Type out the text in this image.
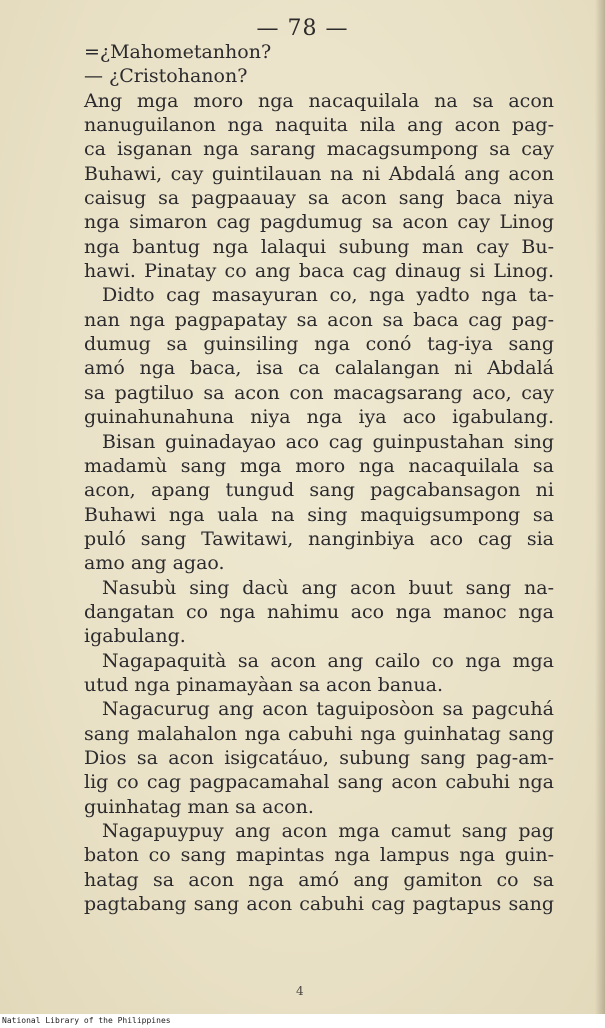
— 78 —
=¿Mahometanhon?
— ¿Cristohanon?
Ang mga moro nga nacaquilala na sa acon
nanuguilanon nga naquita nila ang acon pag-
ca isganan nga sarang macagsumpong sa cay
Buhawi, cay guintilauan na ni Abdalá ang acon
caisug sa pagpaauay sa acon sang baca niya
nga simaron cag pagdumug sa acon cay Linog
nga bantug nga lalaqui subung man cay Bu-
hawi. Pinatay co ang baca cag dinaug si Linog.
Didto cag masayuran co, nga yadto nga ta-
nan nga pagpapatay sa acon sa baca cag pag-
dumug sa guinsiling nga conó tag-iya sang
amó nga baca, isa ca calalangan ni Abdalá
sa pagtiluo sa acon con macagsarang aco, cay
guinahunahuna niya nga iya aco igabulang.
Bisan guinadayao aco cag guinpustahan sing
madamù sang mga moro nga nacaquilala sa
acon, apang tungud sang pagcabansagon ni
Buhawi nga uala na sing maquigsumpong sa
puló sang Tawitawi, nanginbiya aco cag sia
amo ang agao.
Nasubù sing dacù ang acon buut sang na-
dangatan co nga nahimu aco nga manoc nga
igabulang.
Nagapaquità sa acon ang cailo co nga mga
utud nga pinamayàan sa acon banua.
Nagacurug ang acon taguiposòon sa pagcuhá
sang malahalon nga cabuhi nga guinhatag sang
Dios sa acon isigcatáuo, subung sang pag-am-
lig co cag pagpacamahal sang acon cabuhi nga
guinhatag man sa acon.
Nagapuypuy ang acon mga camut sang pag
baton co sang mapintas nga lampus nga guin-
hatag sa acon nga amó ang gamiton co sa
pagtabang sang acon cabuhi cag pagtapus sang
4
National Library of the Philippines
